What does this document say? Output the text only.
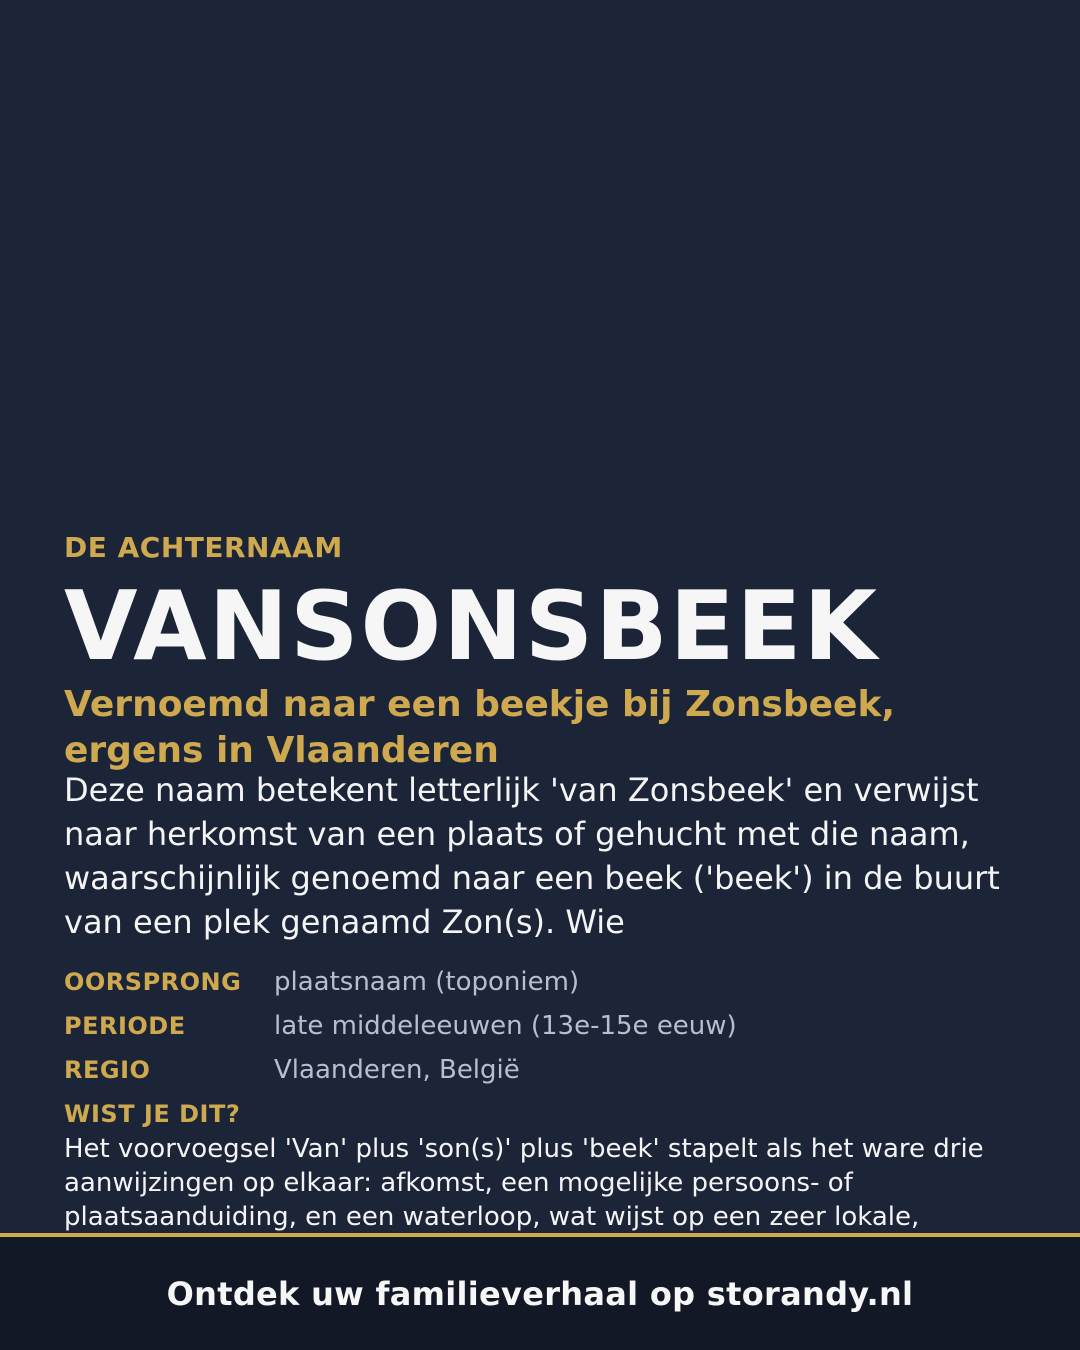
DE ACHTERNAAM

VANSONSBEEK
Vernoemd naar een beekje bij Zonsbeek, ergens in Vlaanderen

Deze naam betekent letterlijk 'van Zonsbeek' en verwijst naar herkomst van een plaats of gehucht met die naam, waarschijnlijk genoemd naar een beek ('beek') in de buurt van een plek genaamd Zon(s). Wie

OORSPRONG	plaatsnaam (toponiem)
PERIODE	late middeleeuwen (13e-15e eeuw)
REGIO	Vlaanderen, België

WIST JE DIT?

Het voorvoegsel 'Van' plus 'son(s)' plus 'beek' stapelt als het ware drie aanwijzingen op elkaar: afkomst, een mogelijke persoons- of plaatsaanduiding, en een waterloop, wat wijst op een zeer lokale,

Ontdek uw familieverhaal op storandy.nl
